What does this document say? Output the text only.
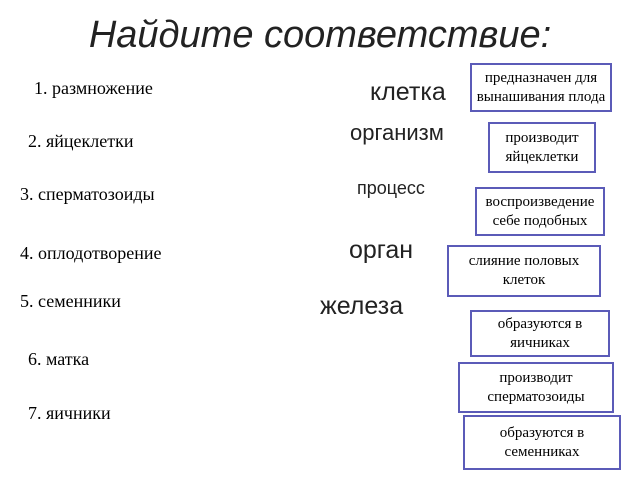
Найдите соответствие:
1. размножение
2. яйцеклетки
3. сперматозоиды
4. оплодотворение
5. семенники
6. матка
7. яичники
клетка
организм
процесс
орган
железа
предназначен для вынашивания плода
производит яйцеклетки
воспроизведение себе подобных
слияние половых клеток
образуются в яичниках
производит сперматозоиды
образуются в семенниках
